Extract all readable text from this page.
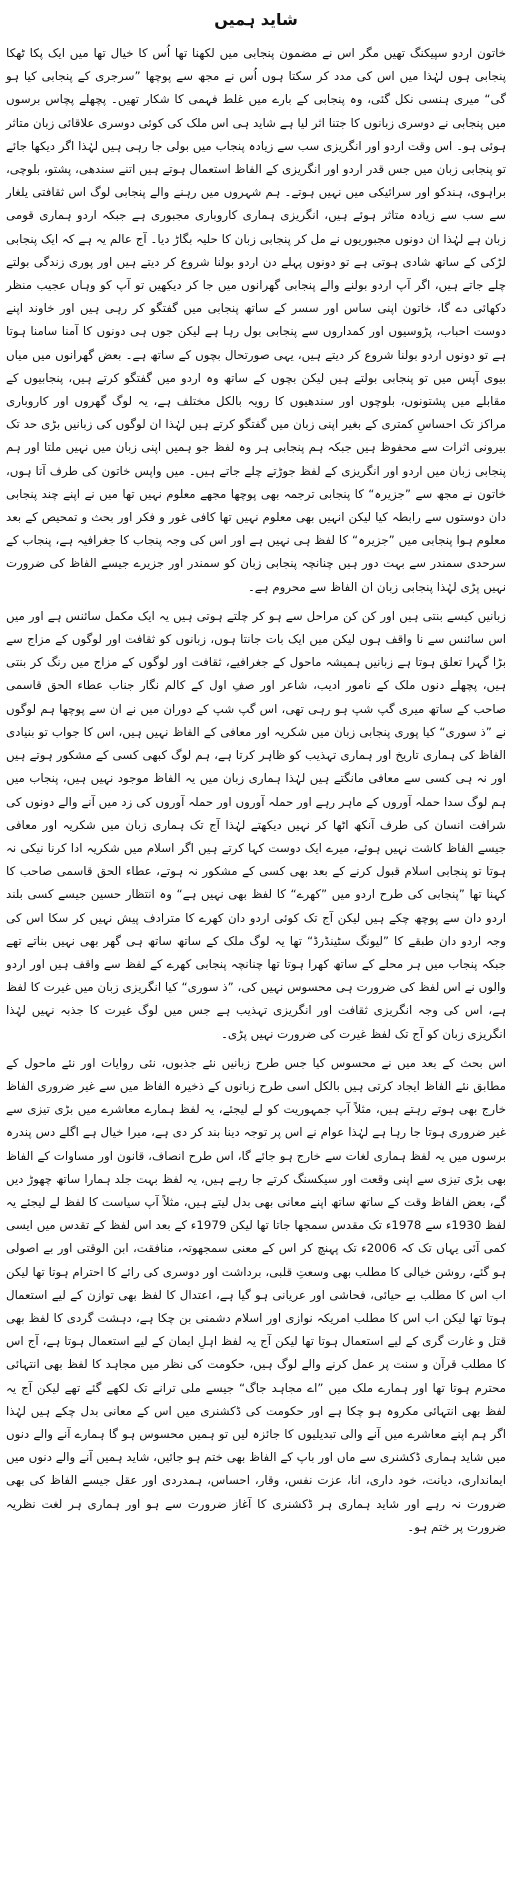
شاید ہمیں

خاتون اردو سپیکنگ تھیں مگر اس نے مضمون پنجابی میں لکھنا تھا اُس کا خیال تھا میں ایک پکا ٹھکا پنجابی ہوں لہٰذا میں اس کی مدد کر سکتا ہوں اُس نے مجھ سے پوچھا ”سرجری کے پنجابی کیا ہو گی“ میری ہنسی نکل گئی، وہ پنجابی کے بارے میں غلط فہمی کا شکار تھیں۔ پچھلے پچاس برسوں میں پنجابی نے دوسری زبانوں کا جتنا اثر لیا ہے شاید ہی اس ملک کی کوئی دوسری علاقائی زبان متاثر ہوئی ہو۔ اس وقت اردو اور انگریزی سب سے زیادہ پنجاب میں بولی جا رہی ہیں لہٰذا اگر دیکھا جائے تو پنجابی زبان میں جس قدر اردو اور انگریزی کے الفاظ استعمال ہوتے ہیں اتنے سندھی، پشتو، بلوچی، براہوی، ہندکو اور سرائیکی میں نہیں ہوتے۔ ہم شہروں میں رہنے والے پنجابی لوگ اس ثقافتی یلغار سے سب سے زیادہ متاثر ہوئے ہیں، انگریزی ہماری کاروباری مجبوری ہے جبکہ اردو ہماری قومی زبان ہے لہٰذا ان دونوں مجبوریوں نے مل کر پنجابی زبان کا حلیہ بگاڑ دیا۔ آج عالم یہ ہے کہ ایک پنجابی لڑکی کے ساتھ شادی ہوتی ہے تو دونوں پہلے دن اردو بولنا شروع کر دیتے ہیں اور پوری زندگی بولتے چلے جاتے ہیں، اگر آپ اردو بولنے والے پنجابی گھرانوں میں جا کر دیکھیں تو آپ کو وہاں عجیب منظر دکھائی دے گا، خاتون اپنی ساس اور سسر کے ساتھ پنجابی میں گفتگو کر رہی ہیں اور خاوند اپنے دوست احباب، پڑوسیوں اور کمداروں سے پنجابی بول رہا ہے لیکن جوں ہی دونوں کا آمنا سامنا ہوتا ہے تو دونوں اردو بولنا شروع کر دیتے ہیں، یہی صورتحال بچوں کے ساتھ ہے۔ بعض گھرانوں میں میاں بیوی آپس میں تو پنجابی بولتے ہیں لیکن بچوں کے ساتھ وہ اردو میں گفتگو کرتے ہیں، پنجابیوں کے مقابلے میں پشتونوں، بلوچوں اور سندھیوں کا رویہ بالکل مختلف ہے، یہ لوگ گھروں اور کاروباری مراکز تک احساسِ کمتری کے بغیر اپنی زبان میں گفتگو کرتے ہیں لہٰذا ان لوگوں کی زبانیں بڑی حد تک بیرونی اثرات سے محفوظ ہیں جبکہ ہم پنجابی ہر وہ لفظ جو ہمیں اپنی زبان میں نہیں ملتا اور ہم پنجابی زبان میں اردو اور انگریزی کے لفظ جوڑتے چلے جاتے ہیں۔ میں واپس خاتون کی طرف آتا ہوں، خاتون نے مجھ سے ”جزیرہ“ کا پنجابی ترجمہ بھی پوچھا مجھے معلوم نہیں تھا میں نے اپنے چند پنجابی دان دوستوں سے رابطہ کیا لیکن انہیں بھی معلوم نہیں تھا کافی غور و فکر اور بحث و تمحیص کے بعد معلوم ہوا پنجابی میں ”جزیرہ“ کا لفظ ہی نہیں ہے اور اس کی وجہ پنجاب کا جغرافیہ ہے، پنجاب کے سرحدی سمندر سے بہت دور ہیں چنانچہ پنجابی زبان کو سمندر اور جزیرے جیسے الفاظ کی ضرورت نہیں پڑی لہٰذا پنجابی زبان ان الفاظ سے محروم ہے۔

زبانیں کیسے بنتی ہیں اور کن کن مراحل سے ہو کر چلتے ہوتی ہیں یہ ایک مکمل سائنس ہے اور میں اس سائنس سے نا واقف ہوں لیکن میں ایک بات جانتا ہوں، زبانوں کو ثقافت اور لوگوں کے مزاج سے بڑا گہرا تعلق ہوتا ہے زبانیں ہمیشہ ماحول کے جغرافیے، ثقافت اور لوگوں کے مزاج میں رنگ کر بنتی ہیں، پچھلے دنوں ملک کے نامور ادیب، شاعر اور صفِ اول کے کالم نگار جناب عطاء الحق قاسمی صاحب کے ساتھ میری گپ شپ ہو رہی تھی، اس گپ شپ کے دوران میں نے ان سے پوچھا ہم لوگوں نے ”ذ سوری“ کیا پوری پنجابی زبان میں شکریہ اور معافی کے الفاظ نہیں ہیں، اس کا جواب تو بنیادی الفاظ کی ہماری تاریخ اور ہماری تہذیب کو ظاہر کرتا ہے، ہم لوگ کبھی کسی کے مشکور ہوتے ہیں اور نہ ہی کسی سے معافی مانگتے ہیں لہٰذا ہماری زبان میں یہ الفاظ موجود نہیں ہیں، پنجاب میں ہم لوگ سدا حملہ آوروں کے ماہر رہے اور حملہ آوروں اور حملہ آوروں کی زد میں آنے والے دونوں کی شرافت انسان کی طرف آنکھ اٹھا کر نہیں دیکھتے لہٰذا آج تک ہماری زبان میں شکریہ اور معافی جیسے الفاظ کاشت نہیں ہوئے، میرے ایک دوست کہا کرتے ہیں اگر اسلام میں شکریہ ادا کرنا نیکی نہ ہوتا تو پنجابی اسلام قبول کرنے کے بعد بھی کسی کے مشکور نہ ہوتے، عطاء الحق قاسمی صاحب کا کہنا تھا ”پنجابی کی طرح اردو میں ”کھرے“ کا لفظ بھی نہیں ہے“ وہ انتظار حسین جیسے کسی بلند اردو دان سے پوچھ چکے ہیں لیکن آج تک کوئی اردو دان کھرے کا مترادف پیش نہیں کر سکا اس کی وجہ اردو دان طبقے کا ”لیونگ سٹینڈرڈ“ تھا یہ لوگ ملک کے ساتھ ساتھ ہی گھر بھی نہیں بناتے تھے جبکہ پنجاب میں ہر محلے کے ساتھ کھرا ہوتا تھا چنانچہ پنجابی کھرے کے لفظ سے واقف ہیں اور اردو والوں نے اس لفظ کی ضرورت ہی محسوس نہیں کی، ”ذ سوری“ کیا انگریزی زبان میں غیرت کا لفظ ہے، اس کی وجہ انگریزی ثقافت اور انگریزی تہذیب ہے جس میں لوگ غیرت کا جذبہ نہیں لہٰذا انگریزی زبان کو آج تک لفظ غیرت کی ضرورت نہیں پڑی۔

اس بحث کے بعد میں نے محسوس کیا جس طرح زبانیں نئے جذبوں، نئی روایات اور نئے ماحول کے مطابق نئے الفاظ ایجاد کرتی ہیں بالکل اسی طرح زبانوں کے ذخیرہ الفاظ میں سے غیر ضروری الفاظ خارج بھی ہوتے رہتے ہیں، مثلاً آپ جمہوریت کو لے لیجئے، یہ لفظ ہمارے معاشرے میں بڑی تیزی سے غیر ضروری ہوتا جا رہا ہے لہٰذا عوام نے اس پر توجہ دینا بند کر دی ہے، میرا خیال ہے اگلے دس پندرہ برسوں میں یہ لفظ ہماری لغات سے خارج ہو جائے گا، اس طرح انصاف، قانون اور مساوات کے الفاظ بھی بڑی تیزی سے اپنی وقعت اور سیکسنگ کرتے جا رہے ہیں، یہ لفظ بہت جلد ہمارا ساتھ چھوڑ دیں گے، بعض الفاظ وقت کے ساتھ ساتھ اپنے معانی بھی بدل لیتے ہیں، مثلاً آپ سیاست کا لفظ لے لیجئے یہ لفظ 1930ء سے 1978ء تک مقدس سمجھا جاتا تھا لیکن 1979ء کے بعد اس لفظ کے تقدس میں ایسی کمی آئی یہاں تک کہ 2006ء تک پہنچ کر اس کے معنی سمجھوتہ، منافقت، ابن الوقتی اور بے اصولی ہو گئے، روشن خیالی کا مطلب بھی وسعتِ قلبی، برداشت اور دوسری کی رائے کا احترام ہوتا تھا لیکن اب اس کا مطلب بے حیائی، فحاشی اور عریانی ہو گیا ہے، اعتدال کا لفظ بھی توازن کے لیے استعمال ہوتا تھا لیکن اب اس کا مطلب امریکہ نوازی اور اسلام دشمنی بن چکا ہے، دہشت گردی کا لفظ بھی قتل و غارت گری کے لیے استعمال ہوتا تھا لیکن آج یہ لفظ اہلِ ایمان کے لیے استعمال ہوتا ہے، آج اس کا مطلب قرآن و سنت پر عمل کرنے والے لوگ ہیں، حکومت کی نظر میں مجاہد کا لفظ بھی انتہائی محترم ہوتا تھا اور ہمارے ملک میں ”اے مجاہد جاگ“ جیسے ملی ترانے تک لکھے گئے تھے لیکن آج یہ لفظ بھی انتہائی مکروہ ہو چکا ہے اور حکومت کی ڈکشنری میں اس کے معانی بدل چکے ہیں لہٰذا اگر ہم اپنے معاشرے میں آنے والی تبدیلیوں کا جائزہ لیں تو ہمیں محسوس ہو گا ہمارے آنے والے دنوں میں شاید ہماری ڈکشنری سے ماں اور باپ کے الفاظ بھی ختم ہو جائیں، شاید ہمیں آنے والے دنوں میں ایمانداری، دیانت، خود داری، انا، عزت نفس، وقار، احساس، ہمدردی اور عقل جیسے الفاظ کی بھی ضرورت نہ رہے اور شاید ہماری ہر ڈکشنری کا آغاز ضرورت سے ہو اور ہماری ہر لغت نظریہ ضرورت پر ختم ہو۔
